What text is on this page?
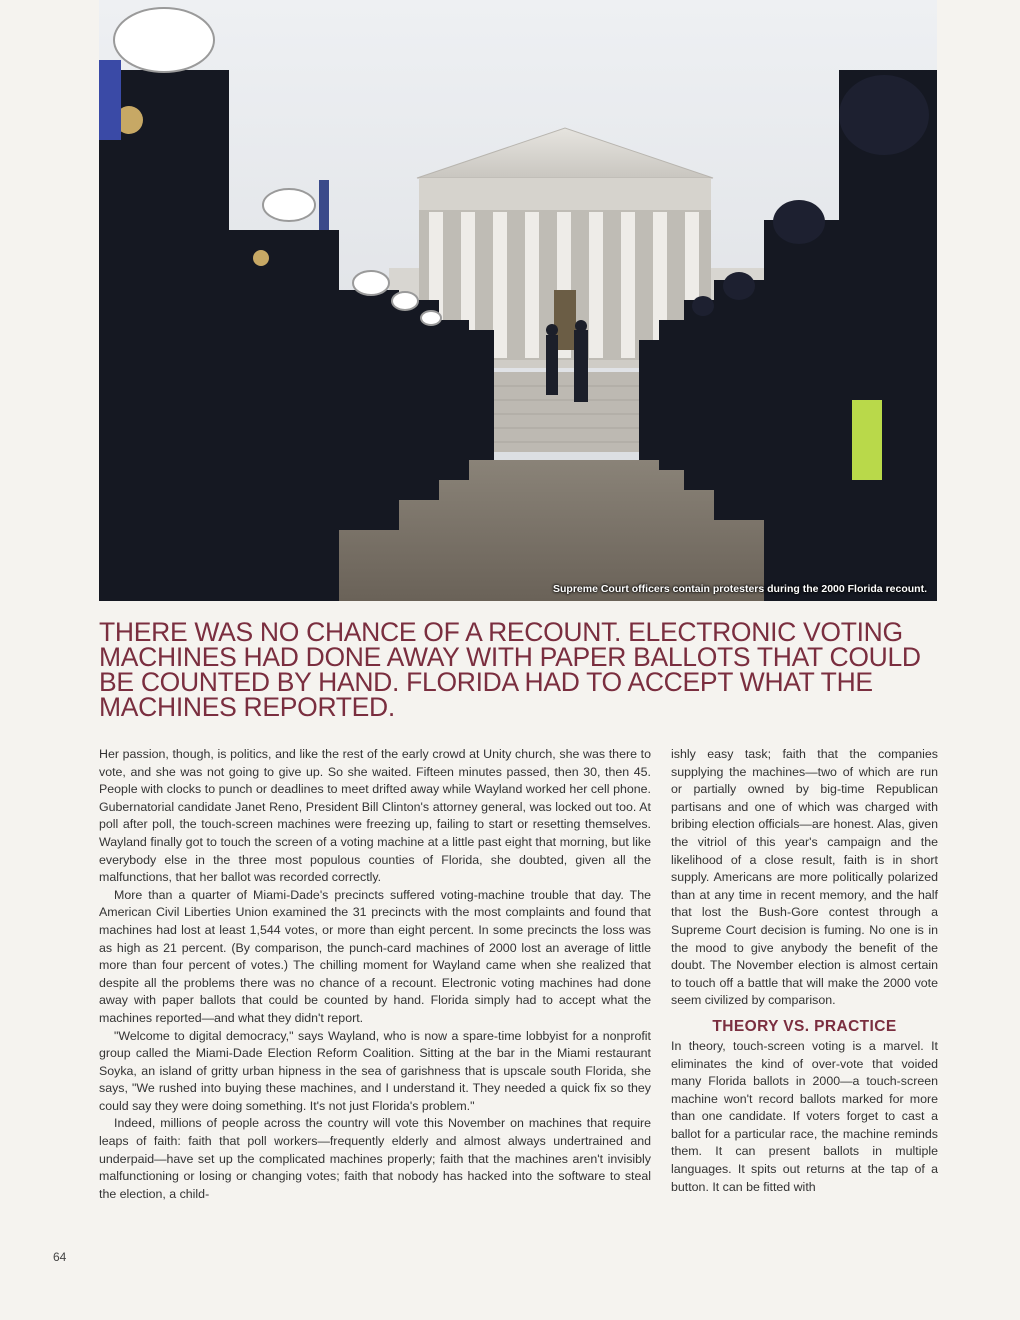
Supreme Court officers contain protesters during the 2000 Florida recount.
THERE WAS NO CHANCE OF A RECOUNT. ELECTRONIC VOTING MACHINES HAD DONE AWAY WITH PAPER BALLOTS THAT COULD BE COUNTED BY HAND. FLORIDA HAD TO ACCEPT WHAT THE MACHINES REPORTED.

Her passion, though, is politics, and like the rest of the early crowd at Unity church, she was there to vote, and she was not going to give up. So she waited. Fifteen minutes passed, then 30, then 45. People with clocks to punch or deadlines to meet drifted away while Wayland worked her cell phone. Gubernatorial candidate Janet Reno, President Bill Clinton's attorney general, was locked out too. At poll after poll, the touch-screen machines were freezing up, failing to start or resetting themselves. Wayland finally got to touch the screen of a voting machine at a little past eight that morning, but like everybody else in the three most populous counties of Florida, she doubted, given all the malfunctions, that her ballot was recorded correctly.

More than a quarter of Miami-Dade's precincts suffered voting-machine trouble that day. The American Civil Liberties Union examined the 31 precincts with the most complaints and found that machines had lost at least 1,544 votes, or more than eight percent. In some precincts the loss was as high as 21 percent. (By comparison, the punch-card machines of 2000 lost an average of little more than four percent of votes.) The chilling moment for Wayland came when she realized that despite all the problems there was no chance of a recount. Electronic voting machines had done away with paper ballots that could be counted by hand. Florida simply had to accept what the machines reported—and what they didn't report.

"Welcome to digital democracy," says Wayland, who is now a spare-time lobbyist for a nonprofit group called the Miami-Dade Election Reform Coalition. Sitting at the bar in the Miami restaurant Soyka, an island of gritty urban hipness in the sea of garishness that is upscale south Florida, she says, "We rushed into buying these machines, and I understand it. They needed a quick fix so they could say they were doing something. It's not just Florida's problem."

Indeed, millions of people across the country will vote this November on machines that require leaps of faith: faith that poll workers—frequently elderly and almost always undertrained and underpaid—have set up the complicated machines properly; faith that the machines aren't invisibly malfunctioning or losing or changing votes; faith that nobody has hacked into the software to steal the election, a child-

ishly easy task; faith that the companies supplying the machines—two of which are run or partially owned by big-time Republican partisans and one of which was charged with bribing election officials—are honest. Alas, given the vitriol of this year's campaign and the likelihood of a close result, faith is in short supply. Americans are more politically polarized than at any time in recent memory, and the half that lost the Bush-Gore contest through a Supreme Court decision is fuming. No one is in the mood to give anybody the benefit of the doubt. The November election is almost certain to touch off a battle that will make the 2000 vote seem civilized by comparison.

THEORY VS. PRACTICE

In theory, touch-screen voting is a marvel. It eliminates the kind of over-vote that voided many Florida ballots in 2000—a touch-screen machine won't record ballots marked for more than one candidate. If voters forget to cast a ballot for a particular race, the machine reminds them. It can present ballots in multiple languages. It spits out returns at the tap of a button. It can be fitted with

64
